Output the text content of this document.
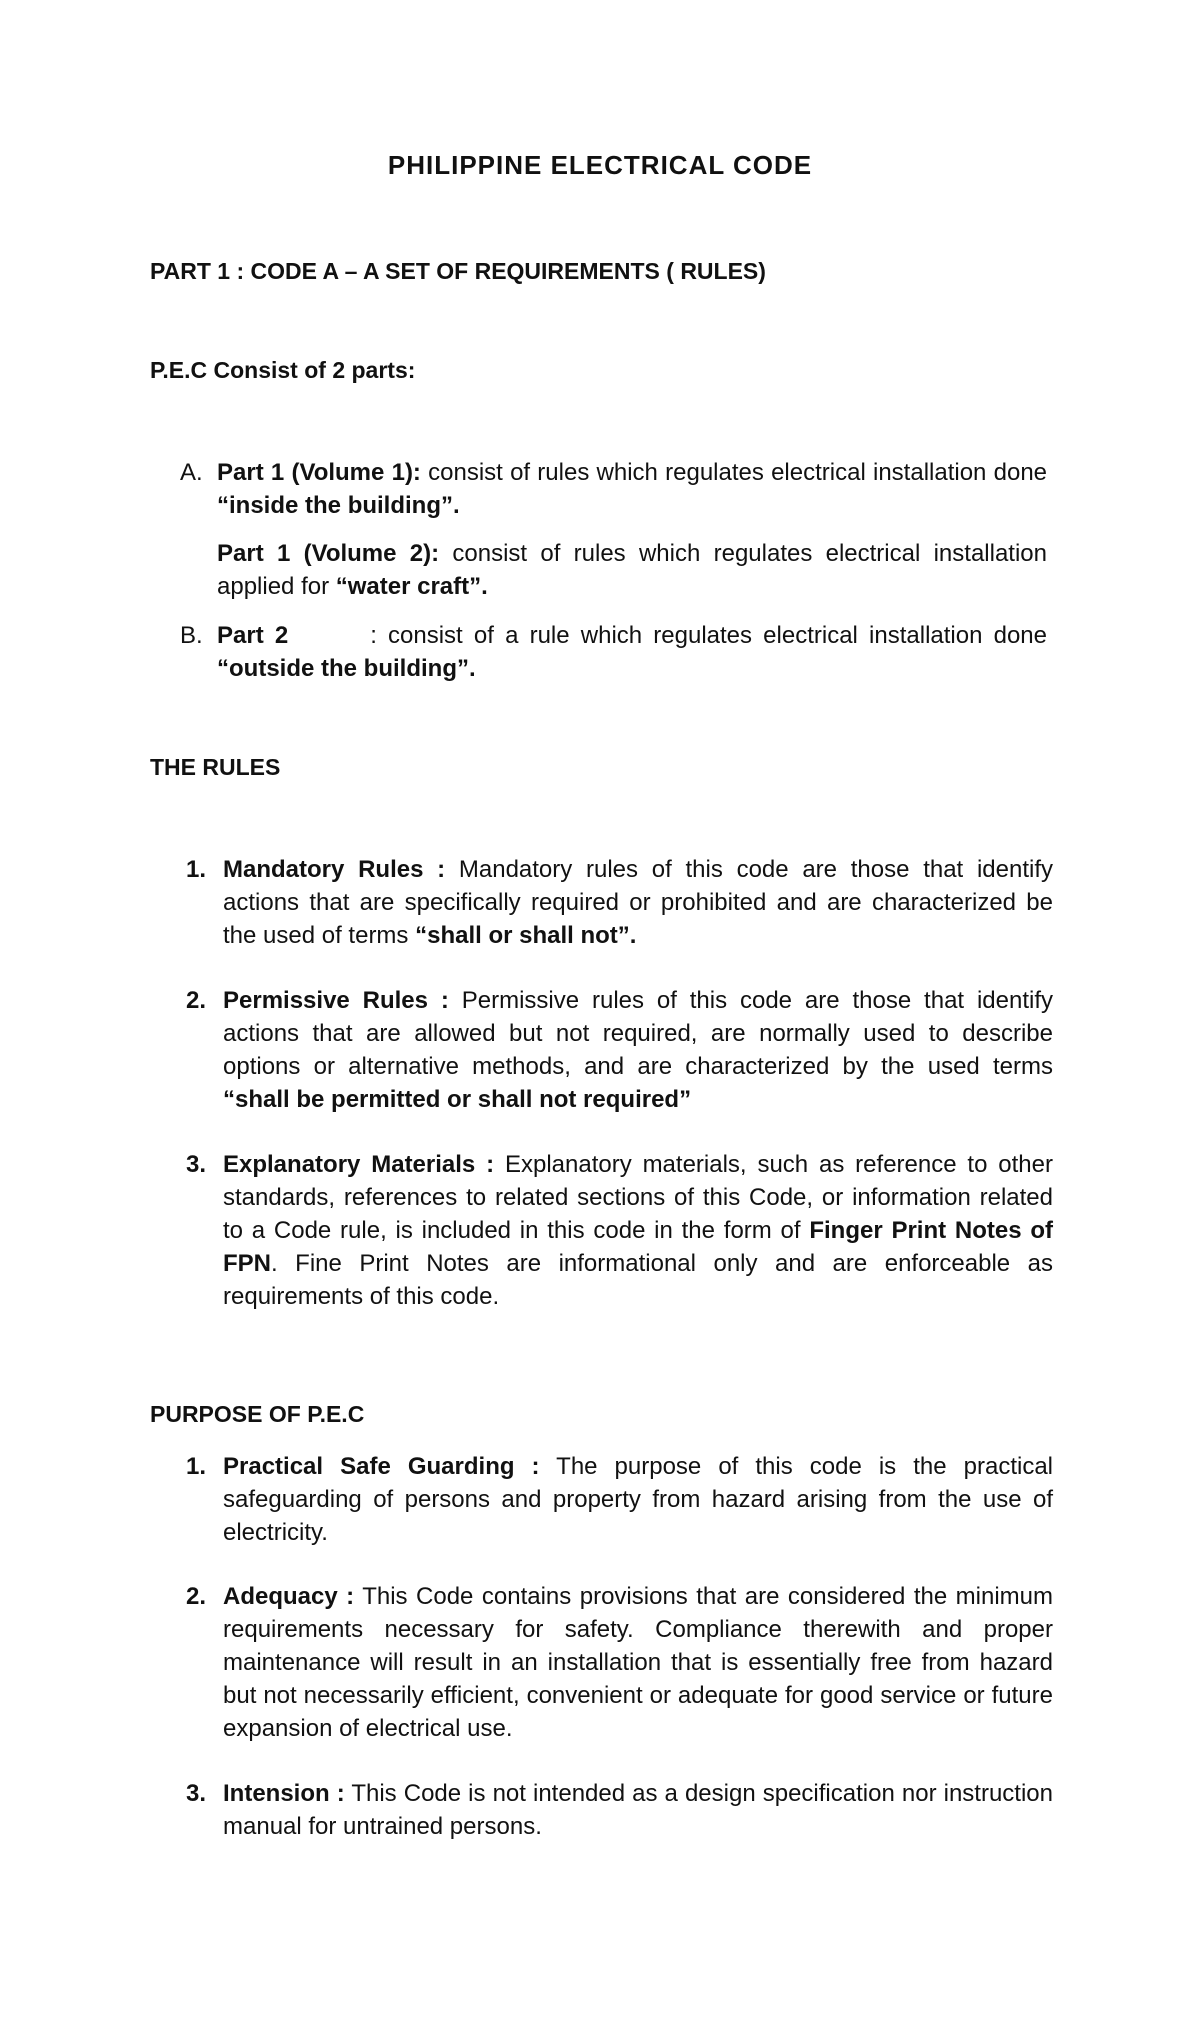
PHILIPPINE ELECTRICAL CODE
PART 1 : CODE A – A SET OF REQUIREMENTS ( RULES)
P.E.C Consist of 2 parts:
A. Part 1 (Volume 1): consist of rules which regulates electrical installation done “inside the building”.
Part 1 (Volume 2): consist of rules which regulates electrical installation applied for “water craft”.
B. Part 2	: consist of a rule which regulates electrical installation done “outside the building”.
THE RULES
1. Mandatory Rules : Mandatory rules of this code are those that identify actions that are specifically required or prohibited and are characterized be the used of terms “shall or shall not”.
2. Permissive Rules : Permissive rules of this code are those that identify actions that are allowed but not required, are normally used to describe options or alternative methods, and are characterized by the used terms “shall be permitted or shall not required”
3. Explanatory Materials : Explanatory materials, such as reference to other standards, references to related sections of this Code, or information related to a Code rule, is included in this code in the form of Finger Print Notes of FPN. Fine Print Notes are informational only and are enforceable as requirements of this code.
PURPOSE OF P.E.C
1. Practical Safe Guarding : The purpose of this code is the practical safeguarding of persons and property from hazard arising from the use of electricity.
2. Adequacy : This Code contains provisions that are considered the minimum requirements necessary for safety. Compliance therewith and proper maintenance will result in an installation that is essentially free from hazard but not necessarily efficient, convenient or adequate for good service or future expansion of electrical use.
3. Intension : This Code is not intended as a design specification nor instruction manual for untrained persons.
